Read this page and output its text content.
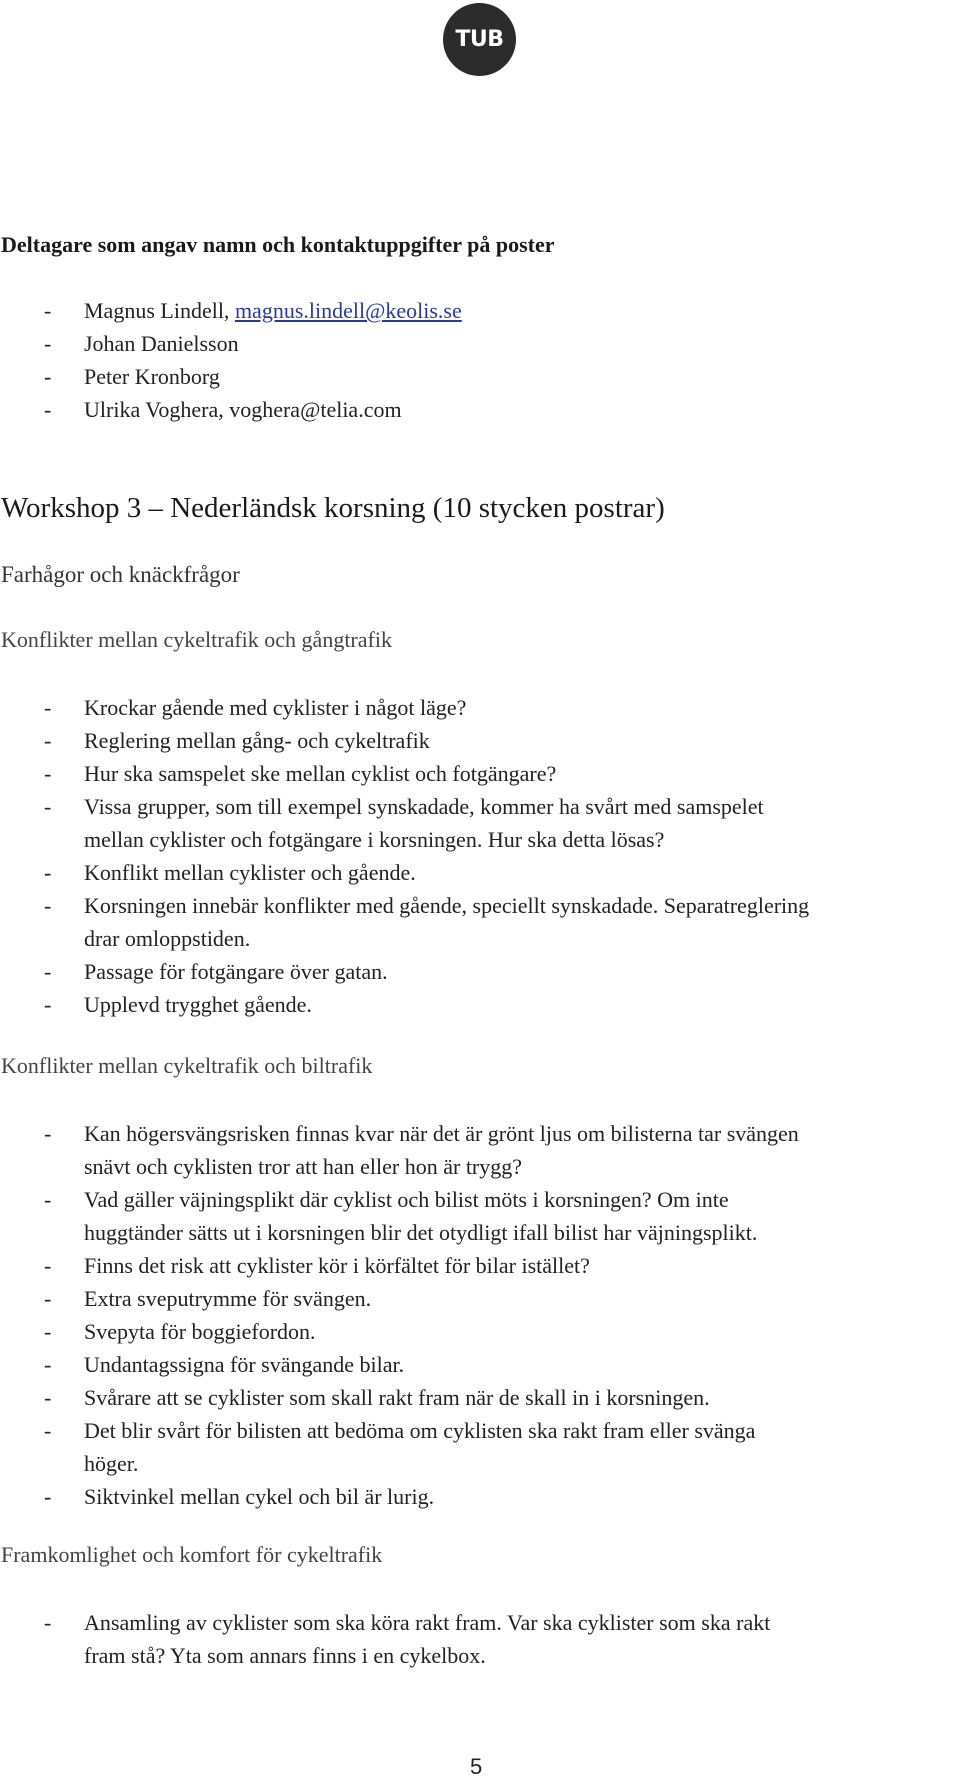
TUB

Deltagare som angav namn och kontaktuppgifter på poster

- Magnus Lindell, magnus.lindell@keolis.se
- Johan Danielsson
- Peter Kronborg
- Ulrika Voghera, voghera@telia.com
Workshop 3 – Nederländsk korsning (10 stycken postrar)
Farhågor och knäckfrågor
Konflikter mellan cykeltrafik och gångtrafik
- Krockar gående med cyklister i något läge?
- Reglering mellan gång- och cykeltrafik
- Hur ska samspelet ske mellan cyklist och fotgängare?
- Vissa grupper, som till exempel synskadade, kommer ha svårt med samspelet
mellan cyklister och fotgängare i korsningen. Hur ska detta lösas?
- Konflikt mellan cyklister och gående.
- Korsningen innebär konflikter med gående, speciellt synskadade. Separatreglering
drar omloppstiden.
- Passage för fotgängare över gatan.
- Upplevd trygghet gående.
Konflikter mellan cykeltrafik och biltrafik
- Kan högersvängsrisken finnas kvar när det är grönt ljus om bilisterna tar svängen
snävt och cyklisten tror att han eller hon är trygg?
- Vad gäller väjningsplikt där cyklist och bilist möts i korsningen? Om inte
huggtänder sätts ut i korsningen blir det otydligt ifall bilist har väjningsplikt.
- Finns det risk att cyklister kör i körfältet för bilar istället?
- Extra sveputrymme för svängen.
- Svepyta för boggiefordon.
- Undantagssigna för svängande bilar.
- Svårare att se cyklister som skall rakt fram när de skall in i korsningen.
- Det blir svårt för bilisten att bedöma om cyklisten ska rakt fram eller svänga
höger.
- Siktvinkel mellan cykel och bil är lurig.
Framkomlighet och komfort för cykeltrafik
- Ansamling av cyklister som ska köra rakt fram. Var ska cyklister som ska rakt
fram stå? Yta som annars finns i en cykelbox.
5
